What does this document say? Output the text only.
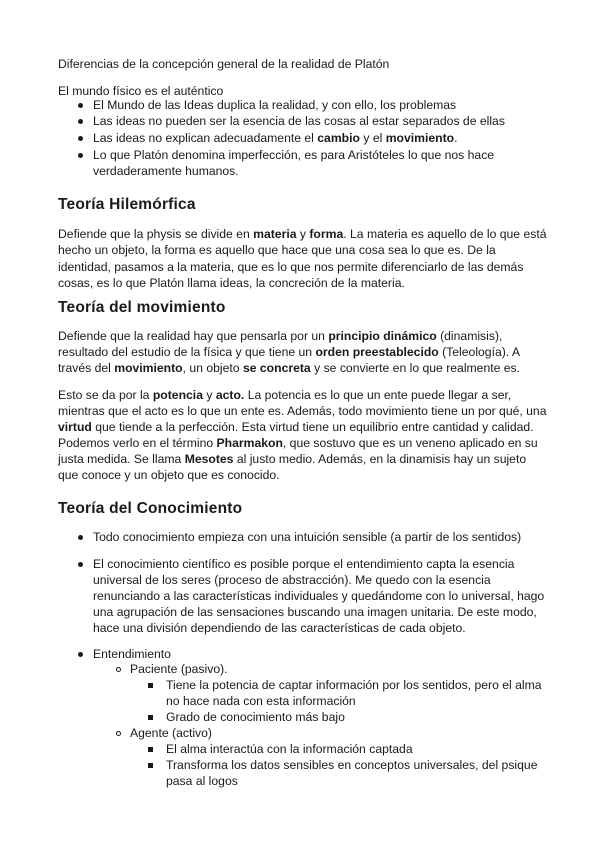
Diferencias de la concepción general de la realidad de Platón
El mundo físico es el auténtico
El Mundo de las Ideas duplica la realidad, y con ello, los problemas
Las ideas no pueden ser la esencia de las cosas al estar separados de ellas
Las ideas no explican adecuadamente el cambio y el movimiento.
Lo que Platón denomina imperfección, es para Aristóteles lo que nos hace
verdaderamente humanos.
Teoría Hilemórfica
Defiende que la physis se divide en materia y forma. La materia es aquello de lo que está
hecho un objeto, la forma es aquello que hace que una cosa sea lo que es. De la
identidad, pasamos a la materia, que es lo que nos permite diferenciarlo de las demás
cosas, es lo que Platón llama ideas, la concreción de la materia.
Teoría del movimiento
Defiende que la realidad hay que pensarla por un principio dinámico (dinamisis),
resultado del estudio de la física y que tiene un orden preestablecido (Teleología). A
través del movimiento, un objeto se concreta y se convierte en lo que realmente es.
Esto se da por la potencia y acto. La potencia es lo que un ente puede llegar a ser,
mientras que el acto es lo que un ente es. Además, todo movimiento tiene un por qué, una
virtud que tiende a la perfección. Esta virtud tiene un equilibrio entre cantidad y calidad.
Podemos verlo en el término Pharmakon, que sostuvo que es un veneno aplicado en su
justa medida. Se llama Mesotes al justo medio. Además, en la dinamisis hay un sujeto
que conoce y un objeto que es conocido.
Teoría del Conocimiento
Todo conocimiento empieza con una intuición sensible (a partir de los sentidos)
El conocimiento científico es posible porque el entendimiento capta la esencia
universal de los seres (proceso de abstracción). Me quedo con la esencia
renunciando a las características individuales y quedándome con lo universal, hago
una agrupación de las sensaciones buscando una imagen unitaria. De este modo,
hace una división dependiendo de las características de cada objeto.
Entendimiento
Paciente (pasivo).
Tiene la potencia de captar información por los sentidos, pero el alma
no hace nada con esta información
Grado de conocimiento más bajo
Agente (activo)
El alma interactúa con la información captada
Transforma los datos sensibles en conceptos universales, del psique
pasa al logos
